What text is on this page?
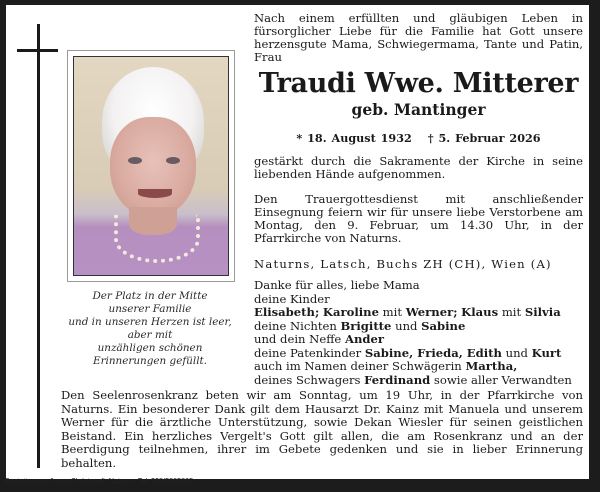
Der Platz in der Mitte
unserer Familie
und in unseren Herzen ist leer,
aber mit
unzähligen schönen
Erinnerungen gefüllt.

Nach einem erfüllten und gläubigen Leben in fürsorglicher Liebe für die Familie hat Gott unsere herzensgute Mama, Schwiegermama, Tante und Patin, Frau

Traudi Wwe. Mitterer
geb. Mantinger
* 18. August 1932 † 5. Februar 2026

gestärkt durch die Sakramente der Kirche in seine liebenden Hände aufgenommen.

Den Trauergottesdienst mit anschließender Einsegnung feiern wir für unsere liebe Verstorbene am Montag, den 9. Februar, um 14.30 Uhr, in der Pfarrkirche von Naturns.

Naturns, Latsch, Buchs ZH (CH), Wien (A)

Danke für alles, liebe Mama

deine Kinder

Elisabeth; Karoline mit Werner; Klaus mit Silvia

deine Nichten Brigitte und Sabine

und dein Neffe Ander

deine Patenkinder Sabine, Frieda, Edith und Kurt

auch im Namen deiner Schwägerin Martha,

deines Schwagers Ferdinand sowie aller Verwandten

Den Seelenrosenkranz beten wir am Sonntag, um 19 Uhr, in der Pfarrkirche von Naturns. Ein besonderer Dank gilt dem Hausarzt Dr. Kainz mit Manuela und unserem Werner für die ärztliche Unterstützung, sowie Dekan Wiesler für seinen geistlichen Beistand. Ein herzliches Vergelt's Gott gilt allen, die am Rosenkranz und an der Beerdigung teilnehmen, ihrer im Gebete gedenken und sie in lieber Erinnerung behalten.

Bestattungen Jonas Christanell, Naturns, Tel. 338/5805805
